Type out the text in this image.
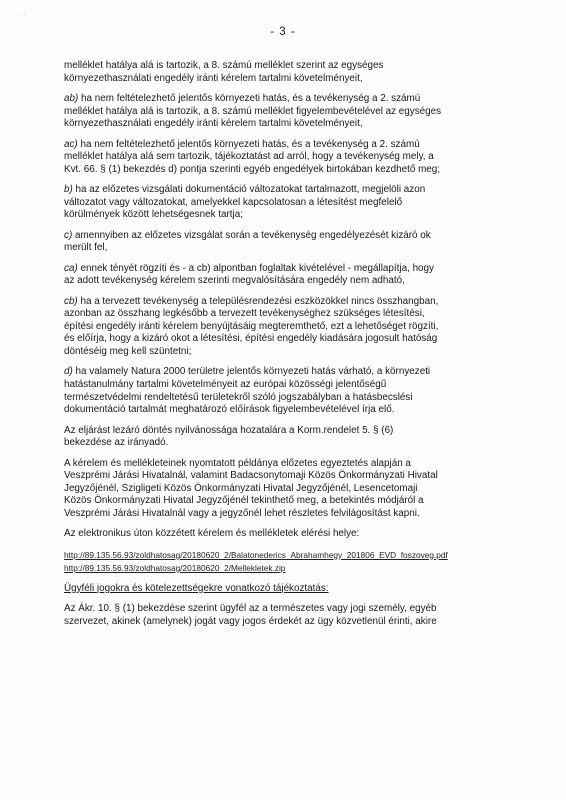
· ·
- 3 -

melléklet hatálya alá is tartozik, a 8. számú melléklet szerint az egységes
környezethasználati engedély iránti kérelem tartalmi követelményeit,

ab) ha nem feltételezhető jelentős környezeti hatás, és a tevékenység a 2. számú
melléklet hatálya alá is tartozik, a 8. számú melléklet figyelembevételével az egységes
környezethasználati engedély iránti kérelem tartalmi követelményeit,

ac) ha nem feltételezhető jelentős környezeti hatás, és a tevékenység a 2. számú
melléklet hatálya alá sem tartozik, tájékoztatást ad arról, hogy a tevékenység mely, a
Kvt. 66. § (1) bekezdés d) pontja szerinti egyéb engedélyek birtokában kezdhető meg;

b) ha az előzetes vizsgálati dokumentáció változatokat tartalmazott, megjelöli azon
változatot vagy változatokat, amelyekkel kapcsolatosan a létesítést megfelelő
körülmények között lehetségesnek tartja;

c) amennyiben az előzetes vizsgálat során a tevékenység engedélyezését kizáró ok
merült fel,

ca) ennek tényét rögzíti és - a cb) alpontban foglaltak kivételével - megállapítja, hogy
az adott tevékenység kérelem szerinti megvalósítására engedély nem adható,

cb) ha a tervezett tevékenység a településrendezési eszközökkel nincs összhangban,
azonban az összhang legkésőbb a tervezett tevékenységhez szükséges létesítési,
építési engedély iránti kérelem benyújtásáig megteremthető, ezt a lehetőséget rögzíti,
és előírja, hogy a kizáró okot a létesítési, építési engedély kiadására jogosult hatóság
döntéséig meg kell szüntetni;

d) ha valamely Natura 2000 területre jelentős környezeti hatás várható, a környezeti
hatástanulmány tartalmi követelményeit az európai közösségi jelentőségű
természetvédelmi rendeltetésű területekről szóló jogszabályban a hatásbecslési
dokumentáció tartalmát meghatározó előírások figyelembevételével írja elő.

Az eljárást lezáró döntés nyilvánossága hozatalára a Korm.rendelet 5. § (6)
bekezdése az irányadó.

A kérelem és mellékleteinek nyomtatott példánya előzetes egyeztetés alapján a
Veszprémi Járási Hivatalnál, valamint Badacsonytomaji Közös Önkormányzati Hivatal
Jegyzőjénél, Szigligeti Közös Önkormányzati Hivatal Jegyzőjénél, Lesencetomaji
Közös Önkormányzati Hivatal Jegyzőjénél tekinthető meg, a betekintés módjáról a
Veszprémi Járási Hivatalnál vagy a jegyzőnél lehet részletes felvilágosítást kapni.

Az elektronikus úton közzétett kérelem és mellékletek elérési helye:

http://89.135.56.93/zoldhatosag/20180620_2/Balatonederics_Abrahamhegy_201806_EVD_foszoveg.pdf
http://89.135.56.93/zoldhatosag/20180620_2/Mellekletek.zip

Ügyféli jogokra és kötelezettségekre vonatkozó tájékoztatás:

Az Ákr. 10. § (1) bekezdése szerint ügyfél az a természetes vagy jogi személy, egyéb
szervezet, akinek (amelynek) jogát vagy jogos érdekét az ügy közvetlenül érinti, akire
